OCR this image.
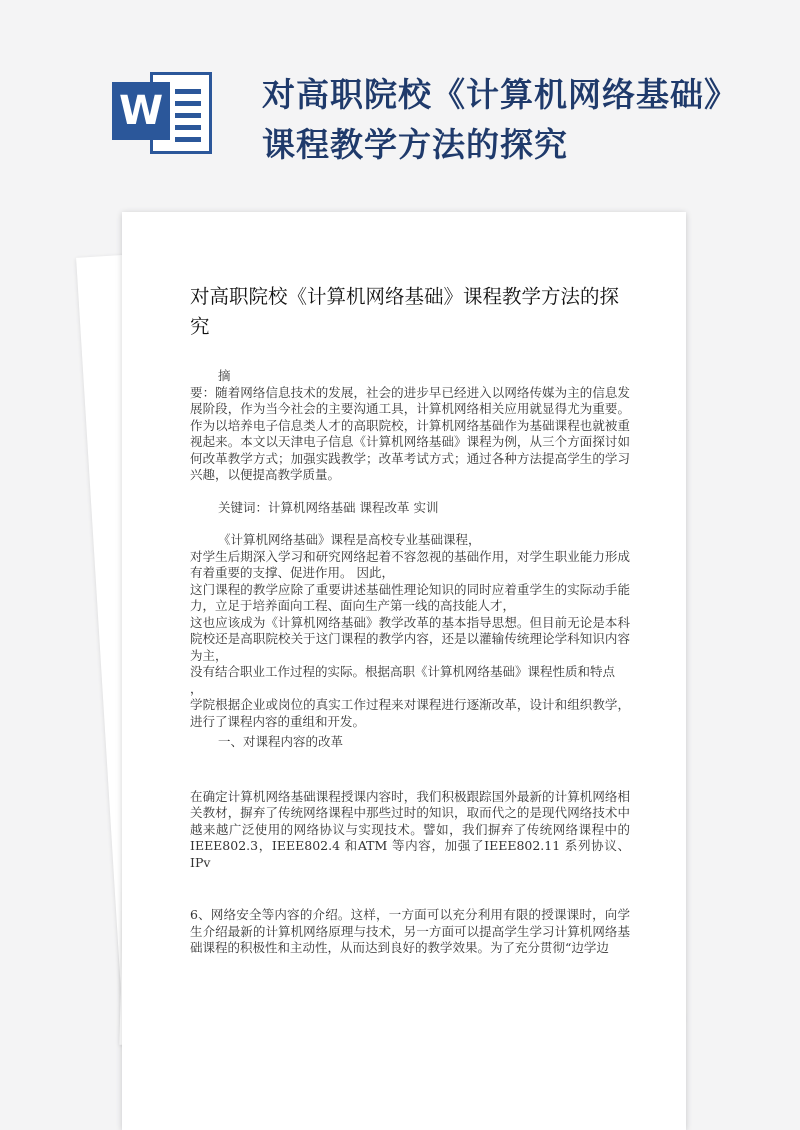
W	对高职院校《计算机网络基础》课程教学方法的探究
对高职院校《计算机网络基础》课程教学方法的探究

摘

要：随着网络信息技术的发展，社会的进步早已经进入以网络传媒为主的信息发展阶段，作为当今社会的主要沟通工具，计算机网络相关应用就显得尤为重要。作为以培养电子信息类人才的高职院校，计算机网络基础作为基础课程也就被重视起来。本文以天津电子信息《计算机网络基础》课程为例，从三个方面探讨如何改革教学方式；加强实践教学；改革考试方式；通过各种方法提高学生的学习兴趣，以便提高教学质量。

关键词：计算机网络基础 课程改革 实训

《计算机网络基础》课程是高校专业基础课程，

对学生后期深入学习和研究网络起着不容忽视的基础作用，对学生职业能力形成有着重要的支撑、促进作用。 因此，

这门课程的教学应除了重要讲述基础性理论知识的同时应着重学生的实际动手能力，立足于培养面向工程、面向生产第一线的高技能人才，

这也应该成为《计算机网络基础》教学改革的基本指导思想。但目前无论是本科院校还是高职院校关于这门课程的教学内容，还是以灌输传统理论学科知识内容为主，

没有结合职业工作过程的实际。根据高职《计算机网络基础》课程性质和特点

，

学院根据企业或岗位的真实工作过程来对课程进行逐渐改革，设计和组织教学，进行了课程内容的重组和开发。

一、对课程内容的改革

在确定计算机网络基础课程授课内容时，我们积极跟踪国外最新的计算机网络相关教材，摒弃了传统网络课程中那些过时的知识，取而代之的是现代网络技术中越来越广泛使用的网络协议与实现技术。譬如，我们摒弃了传统网络课程中的IEEE802.3，IEEE802.4 和ATM 等内容，加强了IEEE802.11 系列协议、IPv

6、网络安全等内容的介绍。这样，一方面可以充分利用有限的授课课时，向学生介绍最新的计算机网络原理与技术，另一方面可以提高学生学习计算机网络基础课程的积极性和主动性，从而达到良好的教学效果。为了充分贯彻“边学边
